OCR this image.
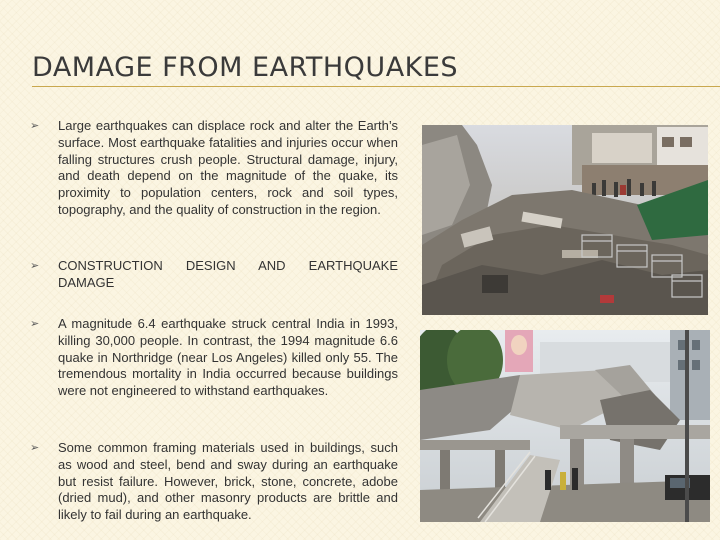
DAMAGE FROM EARTHQUAKES
➢	Large earthquakes can displace rock and alter the Earth’s surface. Most earthquake fatalities and injuries occur when falling structures crush people. Structural damage, injury, and death depend on the magnitude of the quake, its proximity to population centers, rock and soil types, topography, and the quality of construction in the region.
➢	CONSTRUCTION DESIGN AND EARTHQUAKE DAMAGE
➢	A magnitude 6.4 earthquake struck central India in 1993, killing 30,000 people. In contrast, the 1994 magnitude 6.6 quake in Northridge (near Los Angeles) killed only 55. The tremendous mortality in India occurred because buildings were not engineered to withstand earthquakes.
➢	Some common framing materials used in buildings, such as wood and steel, bend and sway during an earthquake but resist failure. However, brick, stone, concrete, adobe (dried mud), and other masonry products are brittle and likely to fail during an earthquake.
